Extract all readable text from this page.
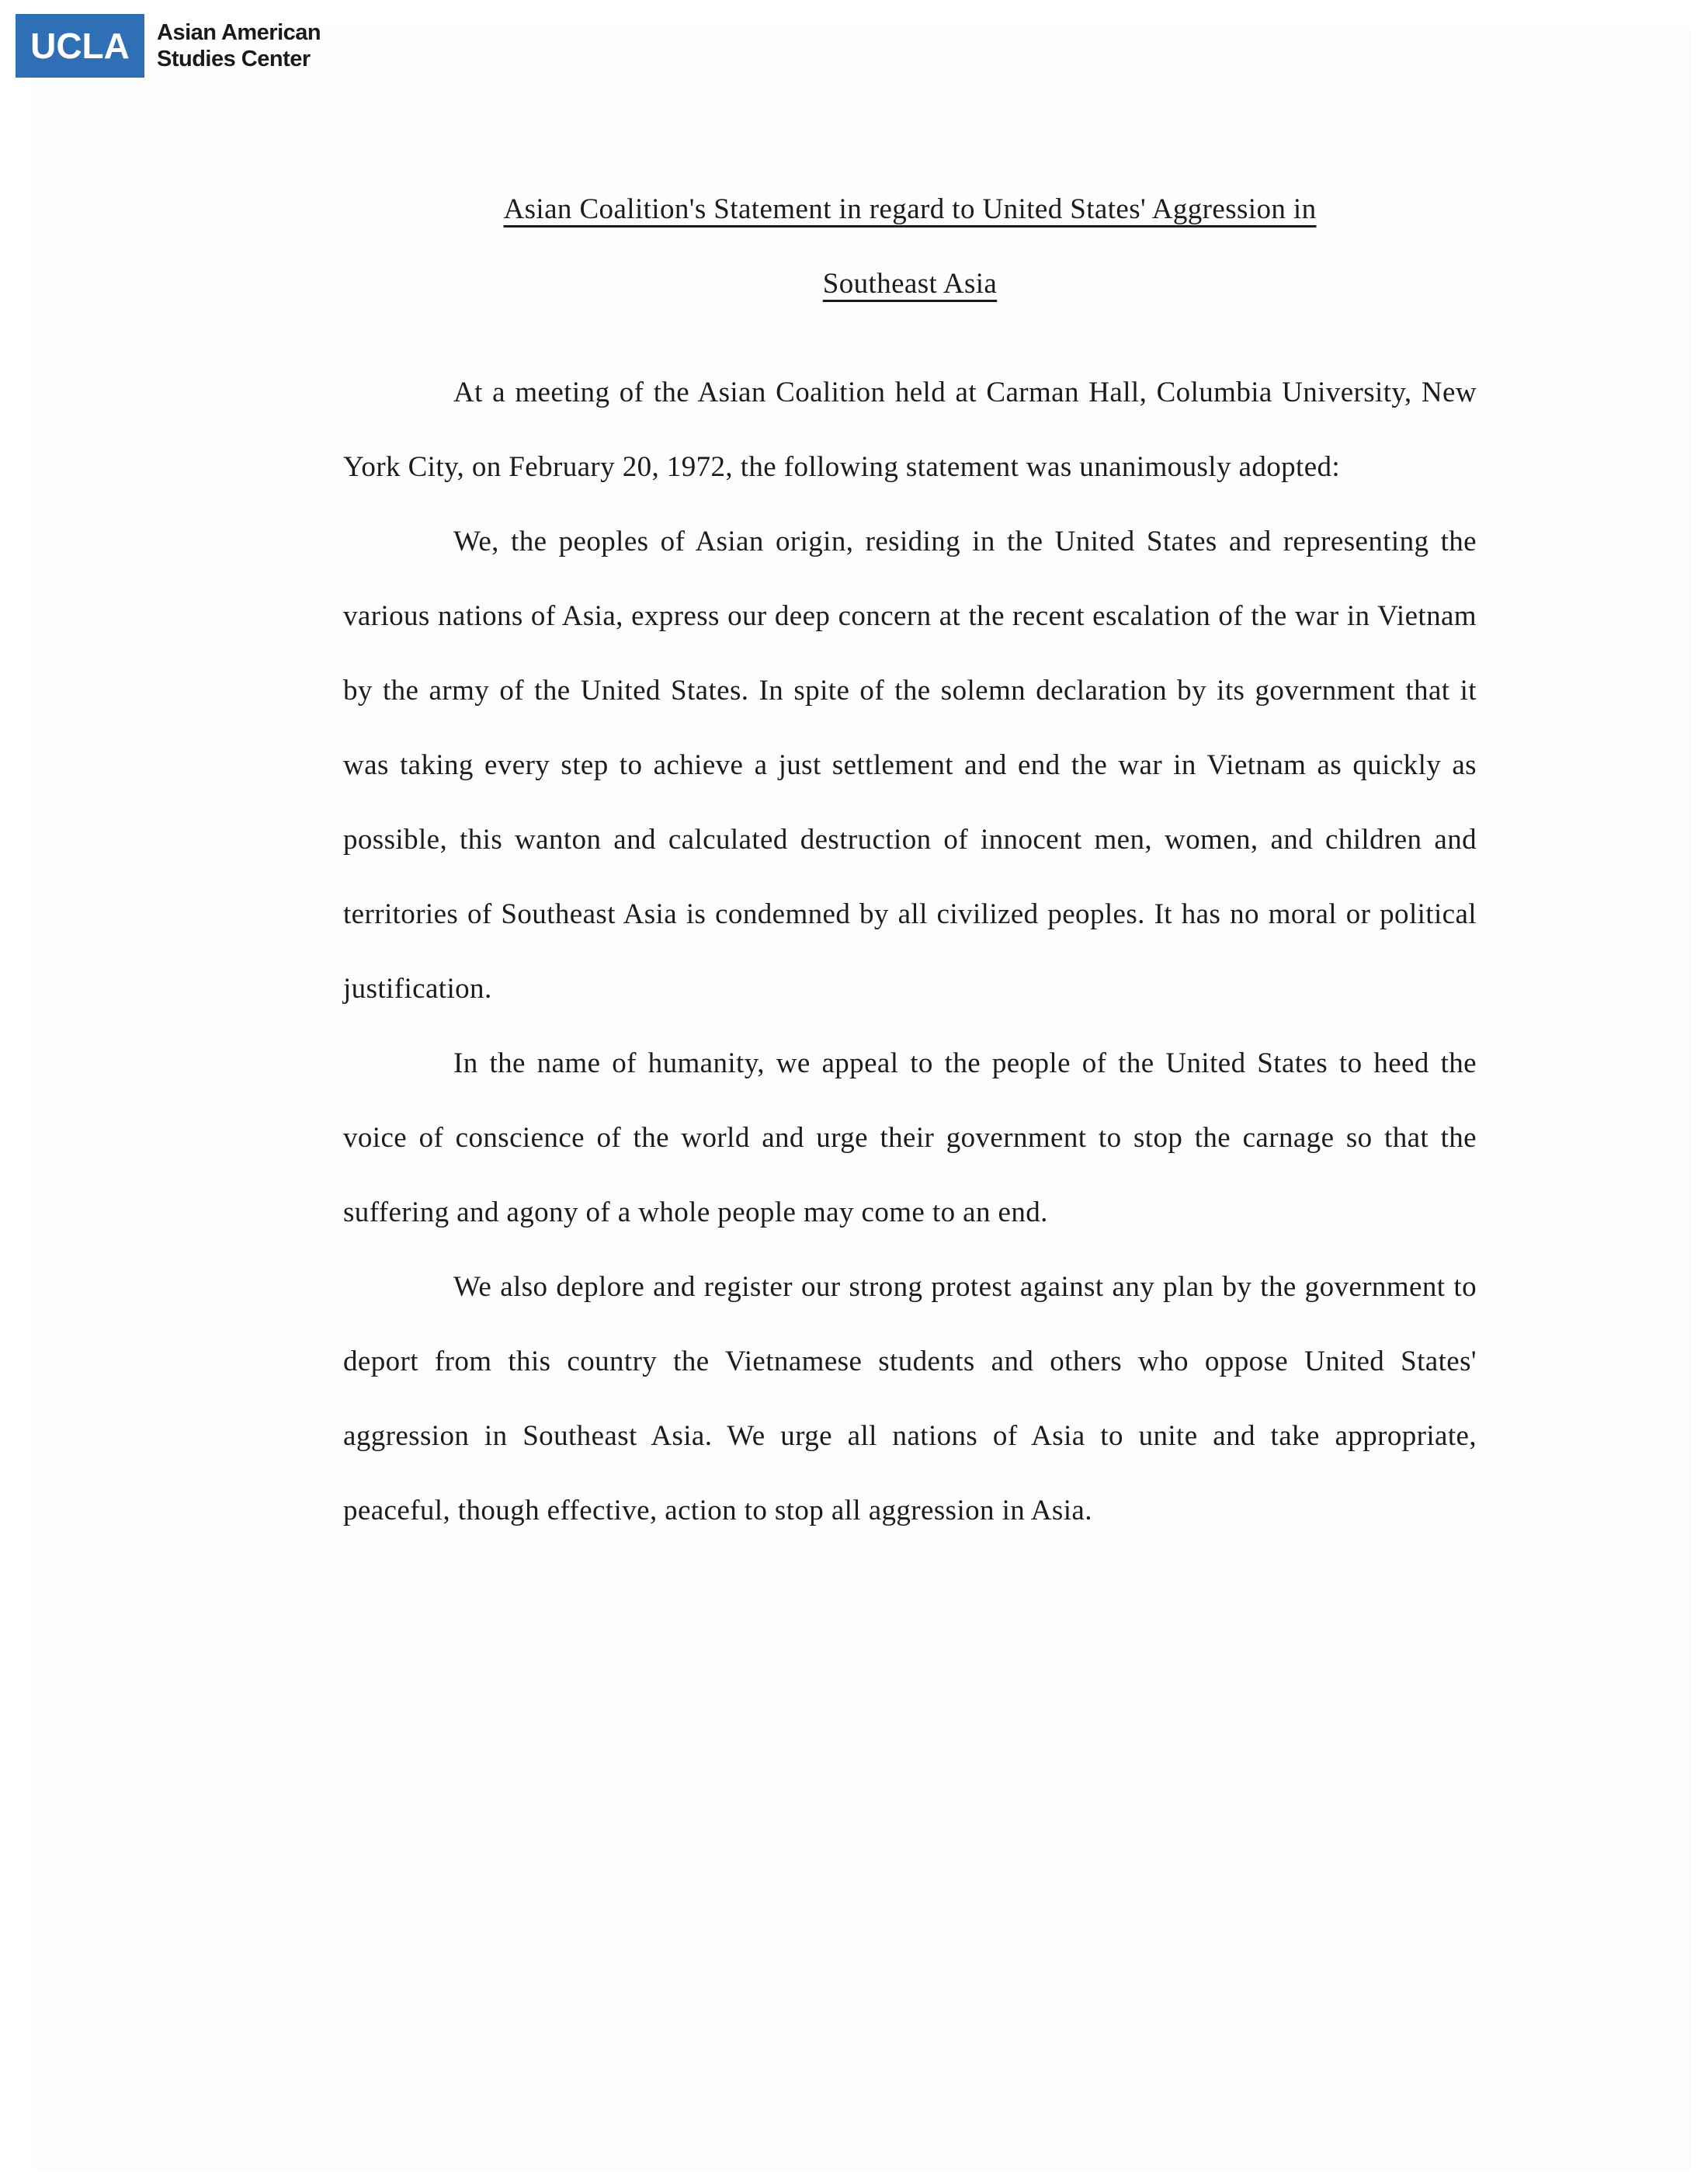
UCLA	Asian American
Studies Center

Asian Coalition's Statement in regard to United States' Aggression in

Southeast Asia

At a meeting of the Asian Coalition held at Carman Hall, Columbia University, New York City, on February 20, 1972, the following statement was unanimously adopted:

We, the peoples of Asian origin, residing in the United States and representing the various nations of Asia, express our deep concern at the recent escalation of the war in Vietnam by the army of the United States. In spite of the solemn declaration by its government that it was taking every step to achieve a just settlement and end the war in Vietnam as quickly as possible, this wanton and calculated destruction of innocent men, women, and children and territories of Southeast Asia is condemned by all civilized peoples. It has no moral or political justification.

In the name of humanity, we appeal to the people of the United States to heed the voice of conscience of the world and urge their government to stop the carnage so that the suffering and agony of a whole people may come to an end.

We also deplore and register our strong protest against any plan by the government to deport from this country the Vietnamese students and others who oppose United States' aggression in Southeast Asia. We urge all nations of Asia to unite and take appropriate, peaceful, though effective, action to stop all aggression in Asia.
